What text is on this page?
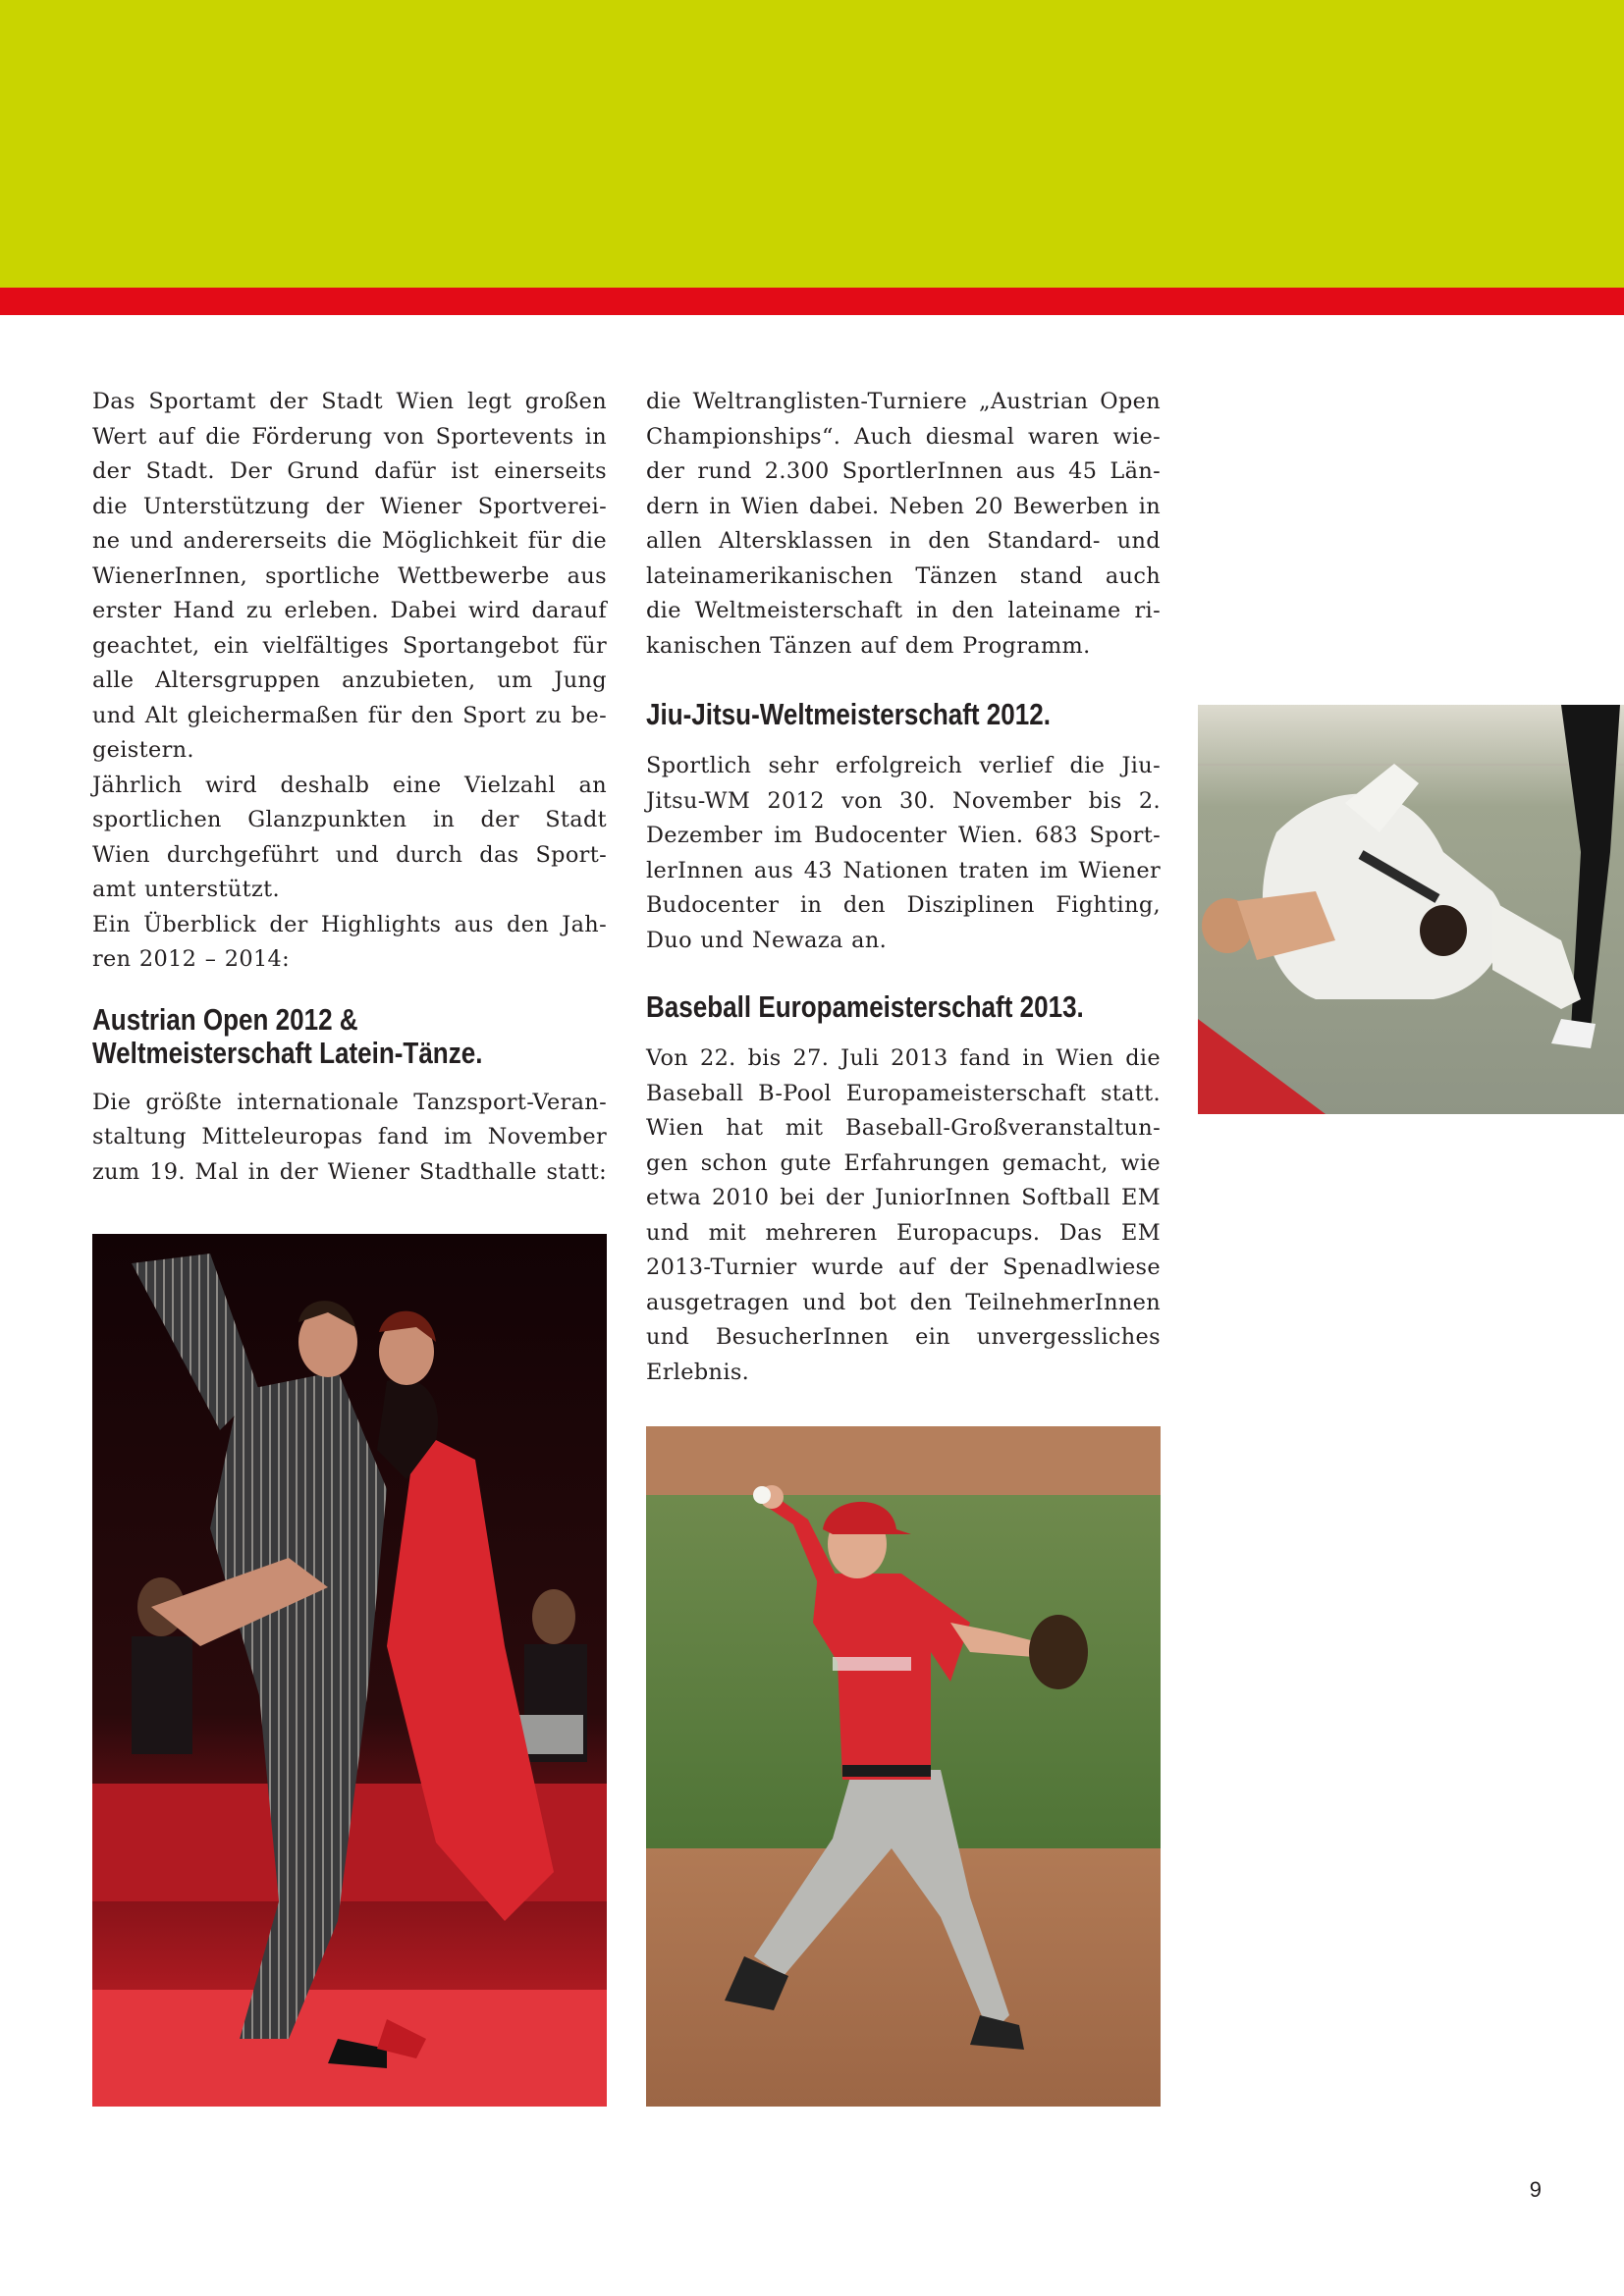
Das Sportamt der Stadt Wien legt großen

Wert auf die Förderung von Sportevents in

der Stadt. Der Grund dafür ist einerseits

die Unterstützung der Wiener Sportverei-

ne und andererseits die Möglichkeit für die

WienerInnen, sportliche Wettbewerbe aus

erster Hand zu erleben. Dabei wird darauf

geachtet, ein vielfältiges Sportangebot für

alle Altersgruppen anzubieten, um Jung

und Alt gleichermaßen für den Sport zu be-

geistern.

Jährlich wird deshalb eine Vielzahl an

sportlichen Glanzpunkten in der Stadt

Wien durchgeführt und durch das Sport-

amt unterstützt.

Ein Überblick der Highlights aus den Jah-

ren 2012 – 2014:

Austrian Open 2012 &

Weltmeisterschaft Latein-Tänze.

Die größte internationale Tanzsport-Veran-

staltung Mitteleuropas fand im November

zum 19. Mal in der Wiener Stadthalle statt:

die Weltranglisten-Turniere „Austrian Open

Championships“. Auch diesmal waren wie-

der rund 2.300 SportlerInnen aus 45 Län-

dern in Wien dabei. Neben 20 Bewerben in

allen Altersklassen in den Standard- und

lateinamerikanischen Tänzen stand auch

die Weltmeisterschaft in den lateiname ri-

kanischen Tänzen auf dem Programm.

Jiu-Jitsu-Weltmeisterschaft 2012.

Sportlich sehr erfolgreich verlief die Jiu-

Jitsu-WM 2012 von 30. November bis 2.

Dezember im Budocenter Wien. 683 Sport-

lerInnen aus 43 Nationen traten im Wiener

Budocenter in den Disziplinen Fighting,

Duo und Newaza an.

Baseball Europameisterschaft 2013.

Von 22. bis 27. Juli 2013 fand in Wien die

Baseball B-Pool Europameisterschaft statt.

Wien hat mit Baseball-Großveranstaltun-

gen schon gute Erfahrungen gemacht, wie

etwa 2010 bei der JuniorInnen Softball EM

und mit mehreren Europacups. Das EM

2013-Turnier wurde auf der Spenadlwiese

ausgetragen und bot den TeilnehmerInnen

und BesucherInnen ein unvergessliches

Erlebnis.

9
